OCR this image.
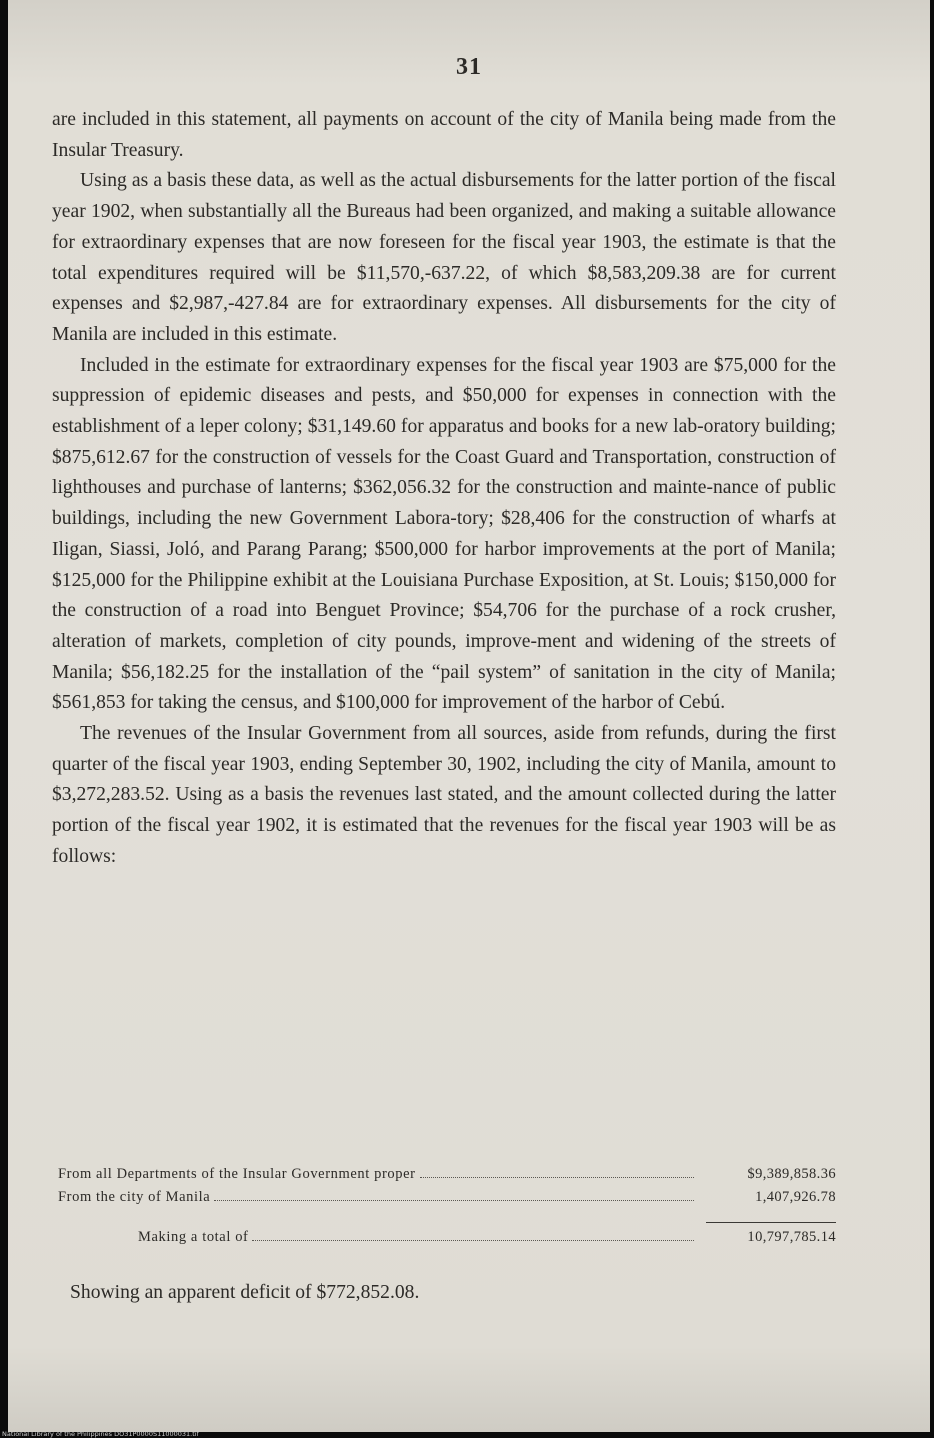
31

are included in this statement, all payments on account of the city of Manila being made from the Insular Treasury.

Using as a basis these data, as well as the actual disbursements for the latter portion of the fiscal year 1902, when substantially all the Bureaus had been organized, and making a suitable allowance for extraordinary expenses that are now foreseen for the fiscal year 1903, the estimate is that the total expenditures required will be $11,570,-637.22, of which $8,583,209.38 are for current expenses and $2,987,-427.84 are for extraordinary expenses. All disbursements for the city of Manila are included in this estimate.

Included in the estimate for extraordinary expenses for the fiscal year 1903 are $75,000 for the suppression of epidemic diseases and pests, and $50,000 for expenses in connection with the establishment of a leper colony; $31,149.60 for apparatus and books for a new lab-oratory building; $875,612.67 for the construction of vessels for the Coast Guard and Transportation, construction of lighthouses and purchase of lanterns; $362,056.32 for the construction and mainte-nance of public buildings, including the new Government Labora-tory; $28,406 for the construction of wharfs at Iligan, Siassi, Joló, and Parang Parang; $500,000 for harbor improvements at the port of Manila; $125,000 for the Philippine exhibit at the Louisiana Purchase Exposition, at St. Louis; $150,000 for the construction of a road into Benguet Province; $54,706 for the purchase of a rock crusher, alteration of markets, completion of city pounds, improve-ment and widening of the streets of Manila; $56,182.25 for the installation of the “pail system” of sanitation in the city of Manila; $561,853 for taking the census, and $100,000 for improvement of the harbor of Cebú.

The revenues of the Insular Government from all sources, aside from refunds, during the first quarter of the fiscal year 1903, ending September 30, 1902, including the city of Manila, amount to $3,272,283.52. Using as a basis the revenues last stated, and the amount collected during the latter portion of the fiscal year 1902, it is estimated that the revenues for the fiscal year 1903 will be as follows:

From all Departments of the Insular Government proper	$9,389,858.36
From the city of Manila	1,407,926.78
Making a total of	10,797,785.14
Showing an apparent deficit of $772,852.08.
National Library of the Philippines DO31P0000S11000031.tif
